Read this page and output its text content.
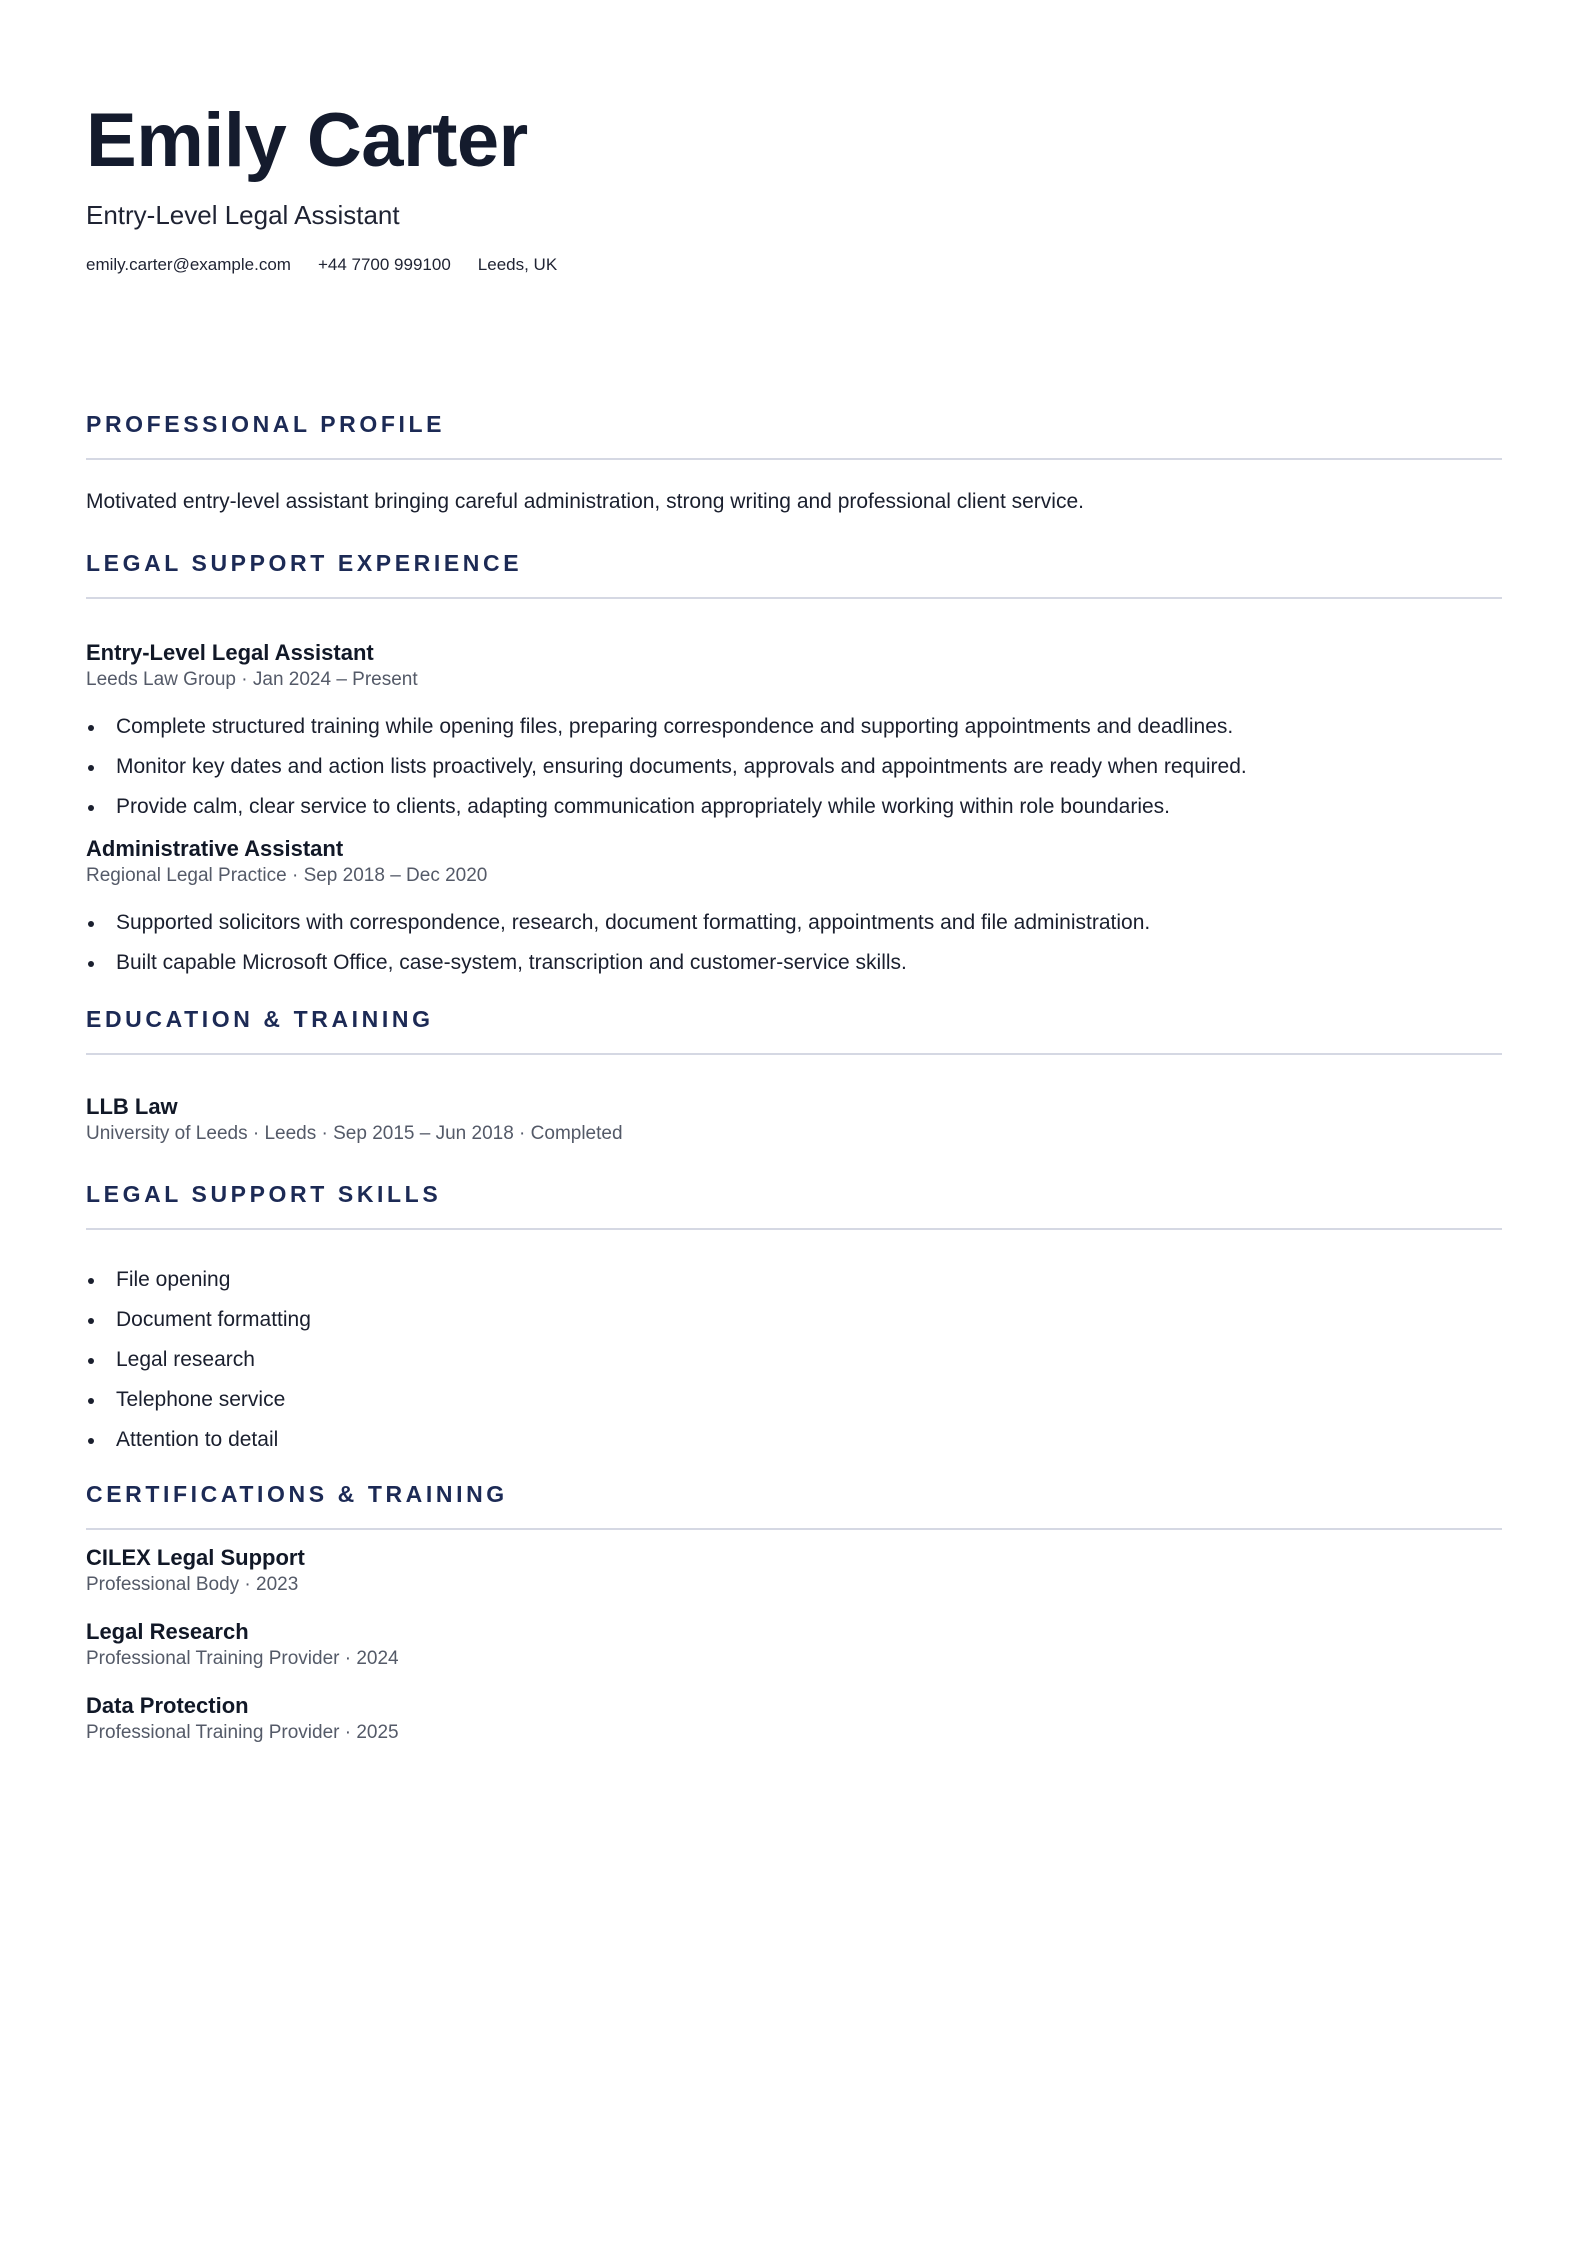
Emily Carter
Entry-Level Legal Assistant
emily.carter@example.com +44 7700 999100 Leeds, UK
PROFESSIONAL PROFILE
Motivated entry-level assistant bringing careful administration, strong writing and professional client service.
LEGAL SUPPORT EXPERIENCE
Entry-Level Legal Assistant
Leeds Law Group · Jan 2024 – Present
Complete structured training while opening files, preparing correspondence and supporting appointments and deadlines.
Monitor key dates and action lists proactively, ensuring documents, approvals and appointments are ready when required.
Provide calm, clear service to clients, adapting communication appropriately while working within role boundaries.
Administrative Assistant
Regional Legal Practice · Sep 2018 – Dec 2020
Supported solicitors with correspondence, research, document formatting, appointments and file administration.
Built capable Microsoft Office, case-system, transcription and customer-service skills.
EDUCATION & TRAINING
LLB Law
University of Leeds · Leeds · Sep 2015 – Jun 2018 · Completed
LEGAL SUPPORT SKILLS
File opening
Document formatting
Legal research
Telephone service
Attention to detail
CERTIFICATIONS & TRAINING
CILEX Legal Support
Professional Body · 2023
Legal Research
Professional Training Provider · 2024
Data Protection
Professional Training Provider · 2025
